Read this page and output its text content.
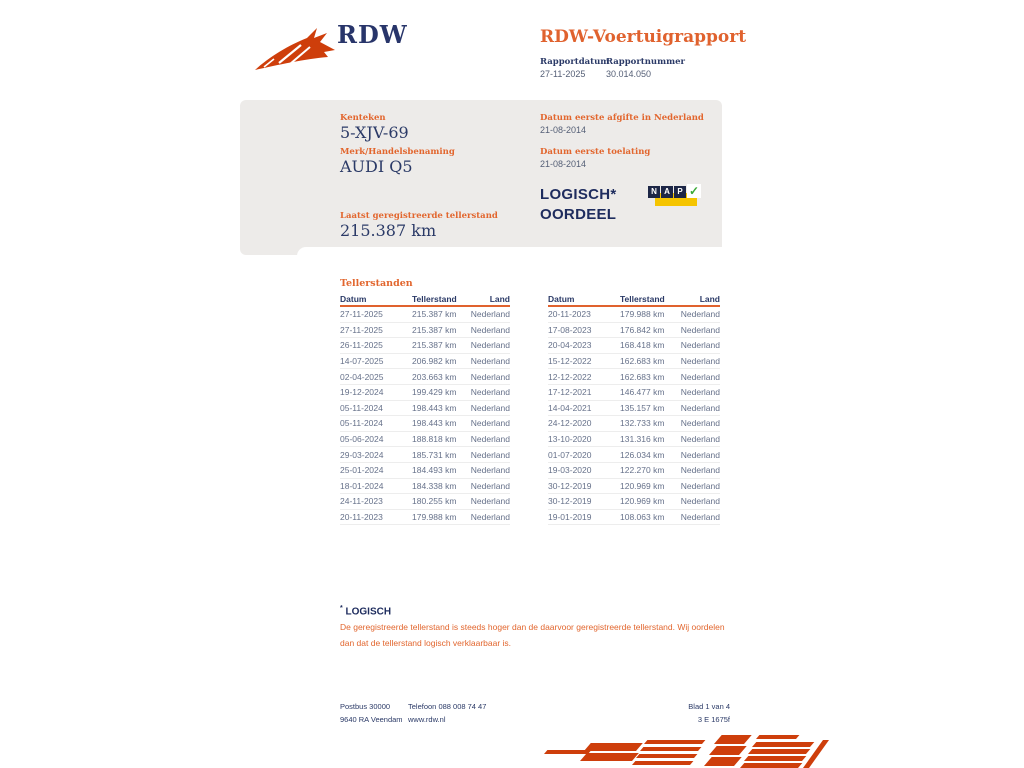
RDW	RDW-Voertuigrapport
Rapportdatum
27-11-2025
Rapportnummer
30.014.050
Kenteken
5-XJV-69
Merk/Handelsbenaming
AUDI Q5
Laatst geregistreerde tellerstand
215.387 km
Datum eerste afgifte in Nederland
21-08-2014
Datum eerste toelating
21-08-2014
LOGISCH*
OORDEEL
N A P ✓
Tellerstanden
Datum	Tellerstand	Land
27-11-2025	215.387 km	Nederland
27-11-2025	215.387 km	Nederland
26-11-2025	215.387 km	Nederland
14-07-2025	206.982 km	Nederland
02-04-2025	203.663 km	Nederland
19-12-2024	199.429 km	Nederland
05-11-2024	198.443 km	Nederland
05-11-2024	198.443 km	Nederland
05-06-2024	188.818 km	Nederland
29-03-2024	185.731 km	Nederland
25-01-2024	184.493 km	Nederland
18-01-2024	184.338 km	Nederland
24-11-2023	180.255 km	Nederland
20-11-2023	179.988 km	Nederland
Datum	Tellerstand	Land
20-11-2023	179.988 km	Nederland
17-08-2023	176.842 km	Nederland
20-04-2023	168.418 km	Nederland
15-12-2022	162.683 km	Nederland
12-12-2022	162.683 km	Nederland
17-12-2021	146.477 km	Nederland
14-04-2021	135.157 km	Nederland
24-12-2020	132.733 km	Nederland
13-10-2020	131.316 km	Nederland
01-07-2020	126.034 km	Nederland
19-03-2020	122.270 km	Nederland
30-12-2019	120.969 km	Nederland
30-12-2019	120.969 km	Nederland
19-01-2019	108.063 km	Nederland
* LOGISCH
De geregistreerde tellerstand is steeds hoger dan de daarvoor geregistreerde tellerstand. Wij oordelen dan dat de tellerstand logisch verklaarbaar is.
Postbus 30000
9640 RA Veendam
Telefoon 088 008 74 47
www.rdw.nl
Blad 1 van 4
3 E 1675f
